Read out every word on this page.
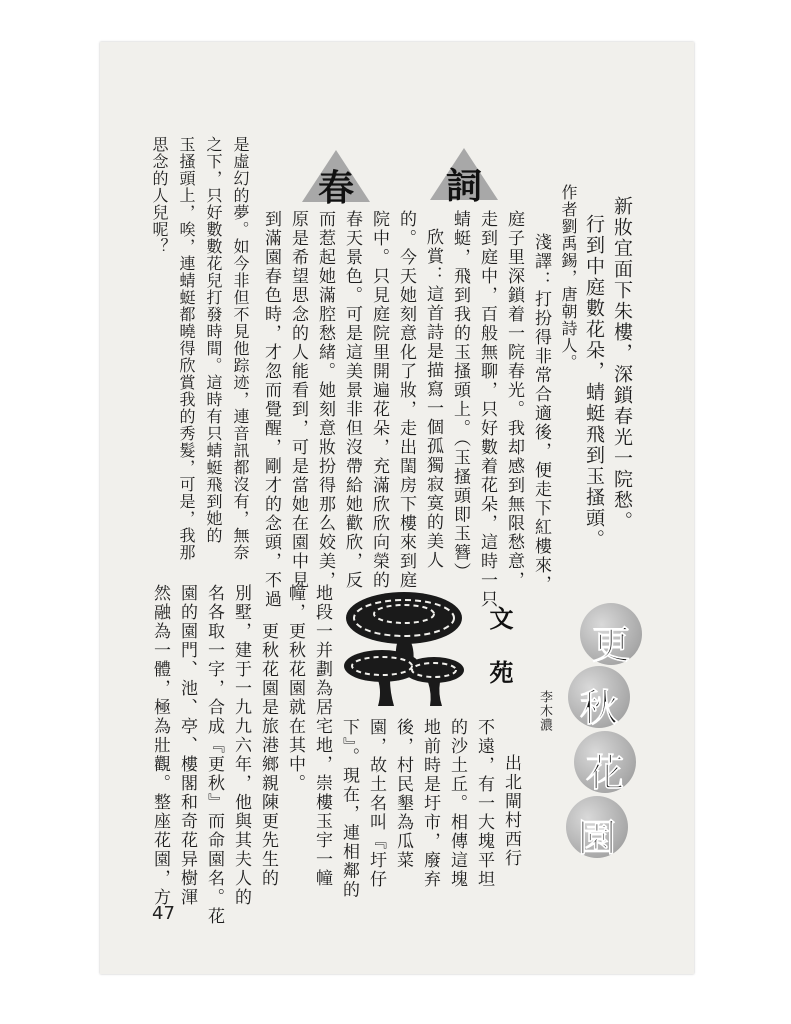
春	詞
新妝宜面下朱樓，深鎖春光一院愁。
行到中庭數花朵，蜻蜓飛到玉搔頭。
作者劉禹錫，唐朝詩人。
淺譯：打扮得非常合適後，便走下紅樓來，
庭子里深鎖着一院春光。我却感到無限愁意，
走到庭中，百般無聊，只好數着花朵，這時一只
蜻蜓，飛到我的玉搔頭上。（玉搔頭即玉簪）
欣賞：這首詩是描寫一個孤獨寂寞的美人
的。今天她刻意化了妝，走出閨房下樓來到庭
院中。只見庭院里開遍花朵，充滿欣欣向榮的
春天景色。可是這美景非但沒帶給她歡欣，反
而惹起她滿腔愁緒。她刻意妝扮得那么姣美，
原是希望思念的人能看到，可是當她在園中見
到滿園春色時，才忽而覺醒，剛才的念頭，不過
是虛幻的夢。如今非但不見他踪迹，連音訊都沒有，無奈
之下，只好數數花兒打發時間。這時有只蜻蜓飛到她的
玉搔頭上，唉，連蜻蜓都曉得欣賞我的秀髮，可是，我那
思念的人兒呢？
更
秋
花
園
李木濃
文苑
出北閘村西行
不遠，有一大塊平坦
的沙土丘。相傳這塊
地前時是圩市，廢弃
後，村民墾為瓜菜
園，故土名叫『圩仔
下』。現在，連相鄰的
地段一并劃為居宅地，崇樓玉宇一幢
幢，更秋花園就在其中。
更秋花園是旅港鄉親陳更先生的
別墅，建于一九九六年，他與其夫人的
名各取一字，合成『更秋』而命園名。花
園的園門、池、亭、樓閣和奇花异樹渾
然融為一體，極為壯觀。整座花園，方
47
